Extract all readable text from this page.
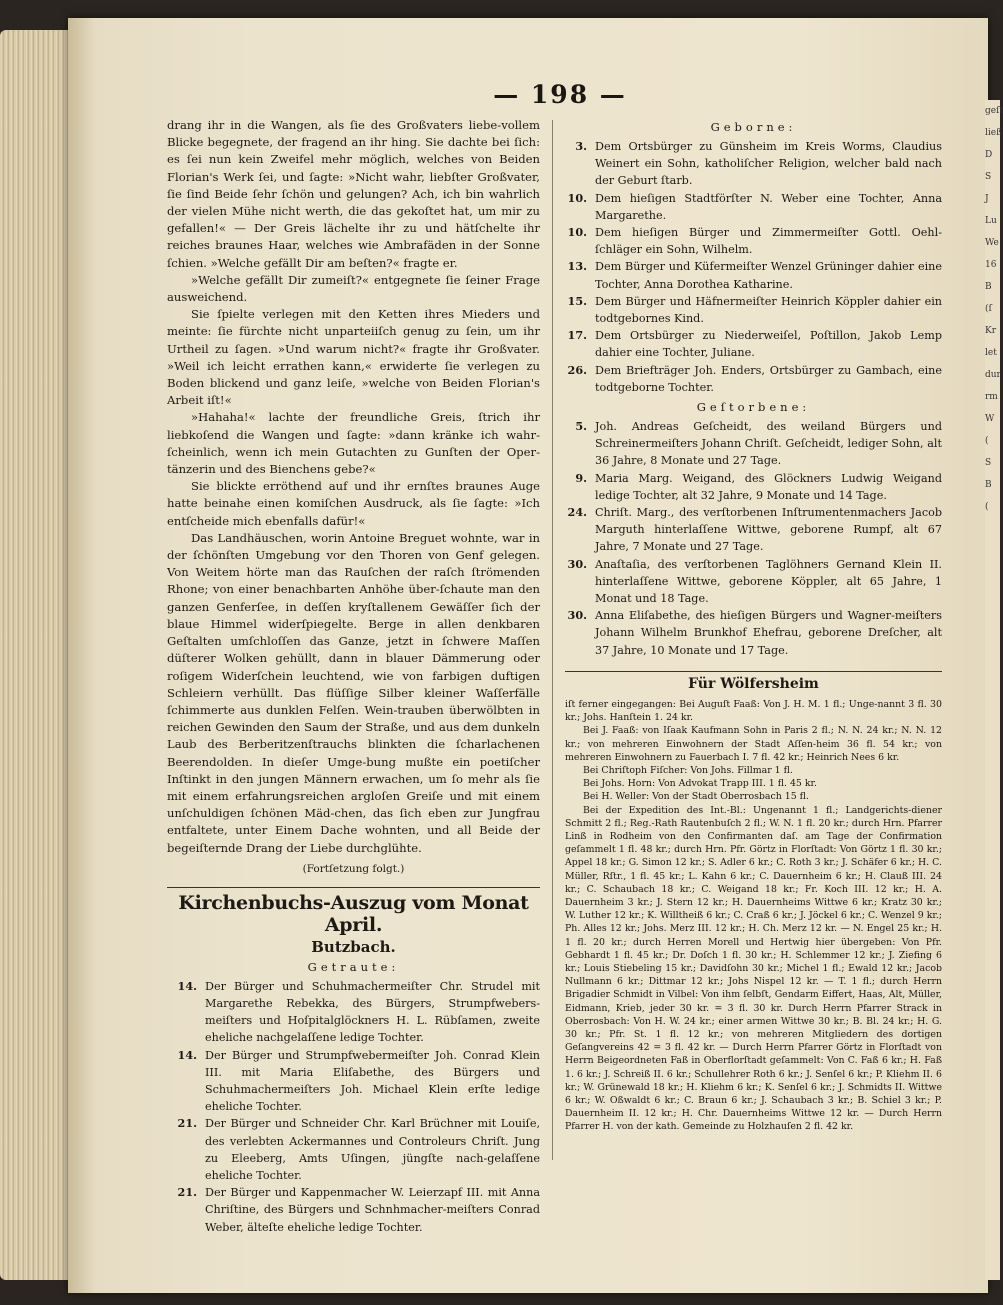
geſt
ließ
D
S
J
Lu
We
16
B
(ſ
Kr
let
dur
rm
W
(
S
B
(
— 198 —

drang ihr in die Wangen, als ſie des Großvaters liebe-vollem Blicke begegnete, der fragend an ihr hing. Sie dachte bei ſich: es ſei nun kein Zweifel mehr möglich, welches von Beiden Florian's Werk ſei, und ſagte: »Nicht wahr, liebſter Großvater, ſie ſind Beide ſehr ſchön und gelungen? Ach, ich bin wahrlich der vielen Mühe nicht werth, die das gekoſtet hat, um mir zu gefallen!« — Der Greis lächelte ihr zu und hätſchelte ihr reiches braunes Haar, welches wie Ambrafäden in der Sonne ſchien. »Welche gefällt Dir am beſten?« fragte er.

»Welche gefällt Dir zumeiſt?« entgegnete ſie ſeiner Frage ausweichend.

Sie ſpielte verlegen mit den Ketten ihres Mieders und meinte: ſie fürchte nicht unparteiiſch genug zu ſein, um ihr Urtheil zu ſagen. »Und warum nicht?« fragte ihr Großvater. »Weil ich leicht errathen kann,« erwiderte ſie verlegen zu Boden blickend und ganz leiſe, »welche von Beiden Florian's Arbeit iſt!«

»Hahaha!« lachte der freundliche Greis, ſtrich ihr liebkoſend die Wangen und ſagte: »dann kränke ich wahr-ſcheinlich, wenn ich mein Gutachten zu Gunſten der Oper-tänzerin und des Bienchens gebe?«

Sie blickte erröthend auf und ihr ernſtes braunes Auge hatte beinahe einen komiſchen Ausdruck, als ſie ſagte: »Ich entſcheide mich ebenfalls dafür!«

Das Landhäuschen, worin Antoine Breguet wohnte, war in der ſchönſten Umgebung vor den Thoren von Genf gelegen. Von Weitem hörte man das Rauſchen der raſch ſtrömenden Rhone; von einer benachbarten Anhöhe über-ſchaute man den ganzen Genferſee, in deſſen kryſtallenem Gewäſſer ſich der blaue Himmel widerſpiegelte. Berge in allen denkbaren Geſtalten umſchloſſen das Ganze, jetzt in ſchwere Maſſen düſterer Wolken gehüllt, dann in blauer Dämmerung oder roſigem Widerſchein leuchtend, wie von farbigen duftigen Schleiern verhüllt. Das flüſſige Silber kleiner Waſſerfälle ſchimmerte aus dunklen Felſen. Wein-trauben überwölbten in reichen Gewinden den Saum der Straße, und aus dem dunkeln Laub des Berberitzenſtrauchs blinkten die ſcharlachenen Beerendolden. In dieſer Umge-bung mußte ein poetiſcher Inſtinkt in den jungen Männern erwachen, um ſo mehr als ſie mit einem erfahrungsreichen argloſen Greiſe und mit einem unſchuldigen ſchönen Mäd-chen, das ſich eben zur Jungfrau entfaltete, unter Einem Dache wohnten, und all Beide der begeiſternde Drang der Liebe durchglühte.

(Fortſetzung folgt.)
Kirchenbuchs-Auszug vom Monat April.
Butzbach.
Getraute:
14. Der Bürger und Schuhmachermeiſter Chr. Strudel mit Margarethe Rebekka, des Bürgers, Strumpfwebers-meiſters und Hoſpitalglöckners H. L. Rübſamen, zweite eheliche nachgelaſſene ledige Tochter.
14. Der Bürger und Strumpfwebermeiſter Joh. Conrad Klein III. mit Maria Eliſabethe, des Bürgers und Schuhmachermeiſters Joh. Michael Klein erſte ledige eheliche Tochter.
21. Der Bürger und Schneider Chr. Karl Brüchner mit Louiſe, des verlebten Ackermannes und Controleurs Chriſt. Jung zu Eleeberg, Amts Uſingen, jüngſte nach-gelaſſene eheliche Tochter.
21. Der Bürger und Kappenmacher W. Leierzapf III. mit Anna Chriſtine, des Bürgers und Schnhmacher-meiſters Conrad Weber, älteſte eheliche ledige Tochter.
Geborne:
3. Dem Ortsbürger zu Günsheim im Kreis Worms, Claudius Weinert ein Sohn, katholiſcher Religion, welcher bald nach der Geburt ſtarb.
10. Dem hieſigen Stadtförſter N. Weber eine Tochter, Anna Margarethe.
10. Dem hieſigen Bürger und Zimmermeiſter Gottl. Oehl-ſchläger ein Sohn, Wilhelm.
13. Dem Bürger und Küfermeiſter Wenzel Grüninger dahier eine Tochter, Anna Dorothea Katharine.
15. Dem Bürger und Häfnermeiſter Heinrich Köppler dahier ein todtgebornes Kind.
17. Dem Ortsbürger zu Niederweiſel, Poſtillon, Jakob Lemp dahier eine Tochter, Juliane.
26. Dem Briefträger Joh. Enders, Ortsbürger zu Gambach, eine todtgeborne Tochter.
Geſtorbene:
5. Joh. Andreas Geſcheidt, des weiland Bürgers und Schreinermeiſters Johann Chriſt. Geſcheidt, lediger Sohn, alt 36 Jahre, 8 Monate und 27 Tage.
9. Maria Marg. Weigand, des Glöckners Ludwig Weigand ledige Tochter, alt 32 Jahre, 9 Monate und 14 Tage.
24. Chriſt. Marg., des verſtorbenen Inſtrumentenmachers Jacob Marguth hinterlaſſene Wittwe, geborene Rumpf, alt 67 Jahre, 7 Monate und 27 Tage.
30. Anaſtaſia, des verſtorbenen Taglöhners Gernand Klein II. hinterlaſſene Wittwe, geborene Köppler, alt 65 Jahre, 1 Monat und 18 Tage.
30. Anna Eliſabethe, des hieſigen Bürgers und Wagner-meiſters Johann Wilhelm Brunkhof Ehefrau, geborene Dreſcher, alt 37 Jahre, 10 Monate und 17 Tage.
Für Wölfersheim

iſt ferner eingegangen: Bei Auguſt Faaß: Von J. H. M. 1 fl.; Unge-nannt 3 fl. 30 kr.; Johs. Hanſtein 1. 24 kr.

Bei J. Faaß: von Iſaak Kaufmann Sohn in Paris 2 fl.; N. N. 24 kr.; N. N. 12 kr.; von mehreren Einwohnern der Stadt Aſſen-heim 36 fl. 54 kr.; von mehreren Einwohnern zu Fauerbach I. 7 fl. 42 kr.; Heinrich Nees 6 kr.

Bei Chriſtoph Fiſcher: Von Johs. Fillmar 1 fl.

Bei Johs. Horn: Von Advokat Trapp III. 1 fl. 45 kr.

Bei H. Weller: Von der Stadt Oberrosbach 15 fl.

Bei der Expedition des Int.-Bl.: Ungenannt 1 fl.; Landgerichts-diener Schmitt 2 fl.; Reg.-Rath Rautenbuſch 2 fl.; W. N. 1 fl. 20 kr.; durch Hrn. Pfarrer Linß in Rodheim von den Confirmanten daſ. am Tage der Confirmation geſammelt 1 fl. 48 kr.; durch Hrn. Pfr. Görtz in Florſtadt: Von Görtz 1 fl. 30 kr.; Appel 18 kr.; G. Simon 12 kr.; S. Adler 6 kr.; C. Roth 3 kr.; J. Schäfer 6 kr.; H. C. Müller, Rſtr., 1 fl. 45 kr.; L. Kahn 6 kr.; C. Dauernheim 6 kr.; H. Clauß III. 24 kr.; C. Schaubach 18 kr.; C. Weigand 18 kr.; Fr. Koch III. 12 kr.; H. A. Dauernheim 3 kr.; J. Stern 12 kr.; H. Dauernheims Wittwe 6 kr.; Kratz 30 kr.; W. Luther 12 kr.; K. Willtheiß 6 kr.; C. Craß 6 kr.; J. Jöckel 6 kr.; C. Wenzel 9 kr.; Ph. Alles 12 kr.; Johs. Merz III. 12 kr.; H. Ch. Merz 12 kr. — N. Engel 25 kr.; H. 1 fl. 20 kr.; durch Herren Morell und Hertwig hier übergeben: Von Pfr. Gebhardt 1 fl. 45 kr.; Dr. Doſch 1 fl. 30 kr.; H. Schlemmer 12 kr.; J. Ziefing 6 kr.; Louis Stiebeling 15 kr.; Davidſohn 30 kr.; Michel 1 fl.; Ewald 12 kr.; Jacob Nullmann 6 kr.; Dittmar 12 kr.; Johs Nispel 12 kr. — T. 1 fl.; durch Herrn Brigadier Schmidt in Vilbel: Von ihm ſelbſt, Gendarm Eiffert, Haas, Alt, Müller, Eidmann, Krieb, jeder 30 kr. = 3 fl. 30 kr. Durch Herrn Pfarrer Strack in Oberrosbach: Von H. W. 24 kr.; einer armen Wittwe 30 kr.; B. Bl. 24 kr.; H. G. 30 kr.; Pfr. St. 1 fl. 12 kr.; von mehreren Mitgliedern des dortigen Geſangvereins 42 = 3 fl. 42 kr. — Durch Herrn Pfarrer Görtz in Florſtadt von Herrn Beigeordneten Faß in Oberflorſtadt geſammelt: Von C. Faß 6 kr.; H. Faß 1. 6 kr.; J. Schreiß II. 6 kr.; Schullehrer Roth 6 kr.; J. Senſel 6 kr.; P. Kliehm II. 6 kr.; W. Grünewald 18 kr.; H. Kliehm 6 kr.; K. Senſel 6 kr.; J. Schmidts II. Wittwe 6 kr.; W. Oßwaldt 6 kr.; C. Braun 6 kr.; J. Schaubach 3 kr.; B. Schiel 3 kr.; P. Dauernheim II. 12 kr.; H. Chr. Dauernheims Wittwe 12 kr. — Durch Herrn Pfarrer H. von der kath. Gemeinde zu Holzhauſen 2 fl. 42 kr.
